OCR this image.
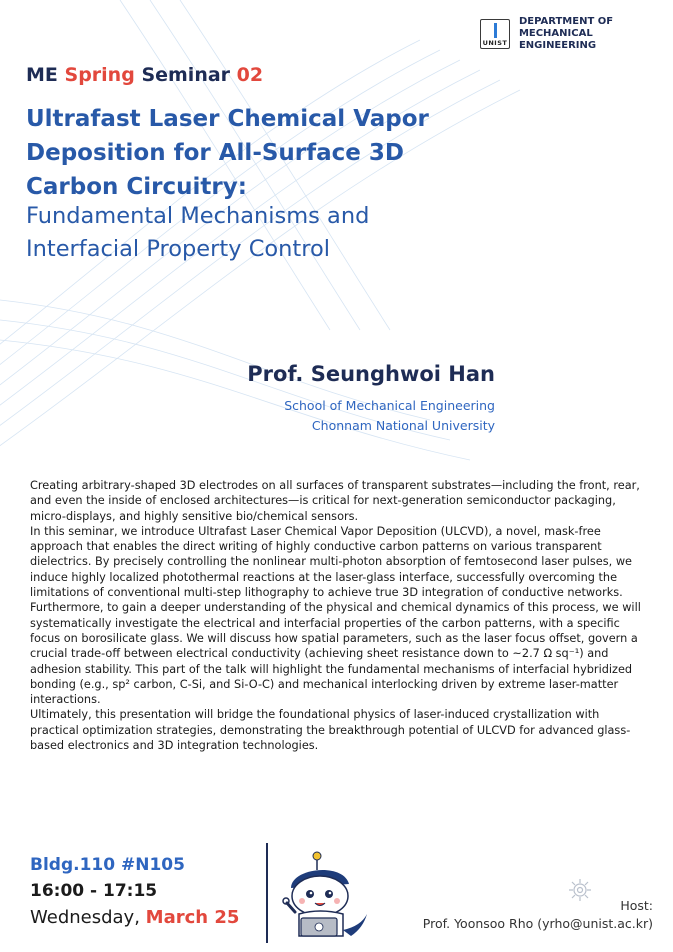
UNIST
DEPARTMENT OF
MECHANICAL ENGINEERING
ME Spring Seminar 02
Ultrafast Laser Chemical Vapor
Deposition for All-Surface 3D
Carbon Circuitry:
Fundamental Mechanisms and
Interfacial Property Control
Prof. Seunghwoi Han
School of Mechanical Engineering
Chonnam National University

Creating arbitrary-shaped 3D electrodes on all surfaces of transparent substrates—including the front, rear, and even the inside of enclosed architectures—is critical for next-generation semiconductor packaging, micro-displays, and highly sensitive bio/chemical sensors.

In this seminar, we introduce Ultrafast Laser Chemical Vapor Deposition (ULCVD), a novel, mask-free approach that enables the direct writing of highly conductive carbon patterns on various transparent dielectrics. By precisely controlling the nonlinear multi-photon absorption of femtosecond laser pulses, we induce highly localized photothermal reactions at the laser-glass interface, successfully overcoming the limitations of conventional multi-step lithography to achieve true 3D integration of conductive networks.

Furthermore, to gain a deeper understanding of the physical and chemical dynamics of this process, we will systematically investigate the electrical and interfacial properties of the carbon patterns, with a specific focus on borosilicate glass. We will discuss how spatial parameters, such as the laser focus offset, govern a crucial trade-off between electrical conductivity (achieving sheet resistance down to ~2.7 Ω sq⁻¹) and adhesion stability. This part of the talk will highlight the fundamental mechanisms of interfacial hybridized bonding (e.g., sp² carbon, C-Si, and Si-O-C) and mechanical interlocking driven by extreme laser-matter interactions.

Ultimately, this presentation will bridge the foundational physics of laser-induced crystallization with practical optimization strategies, demonstrating the breakthrough potential of ULCVD for advanced glass-based electronics and 3D integration technologies.

Bldg.110 #N105
16:00 - 17:15
Wednesday, March 25
Host:
Prof. Yoonsoo Rho (yrho@unist.ac.kr)
